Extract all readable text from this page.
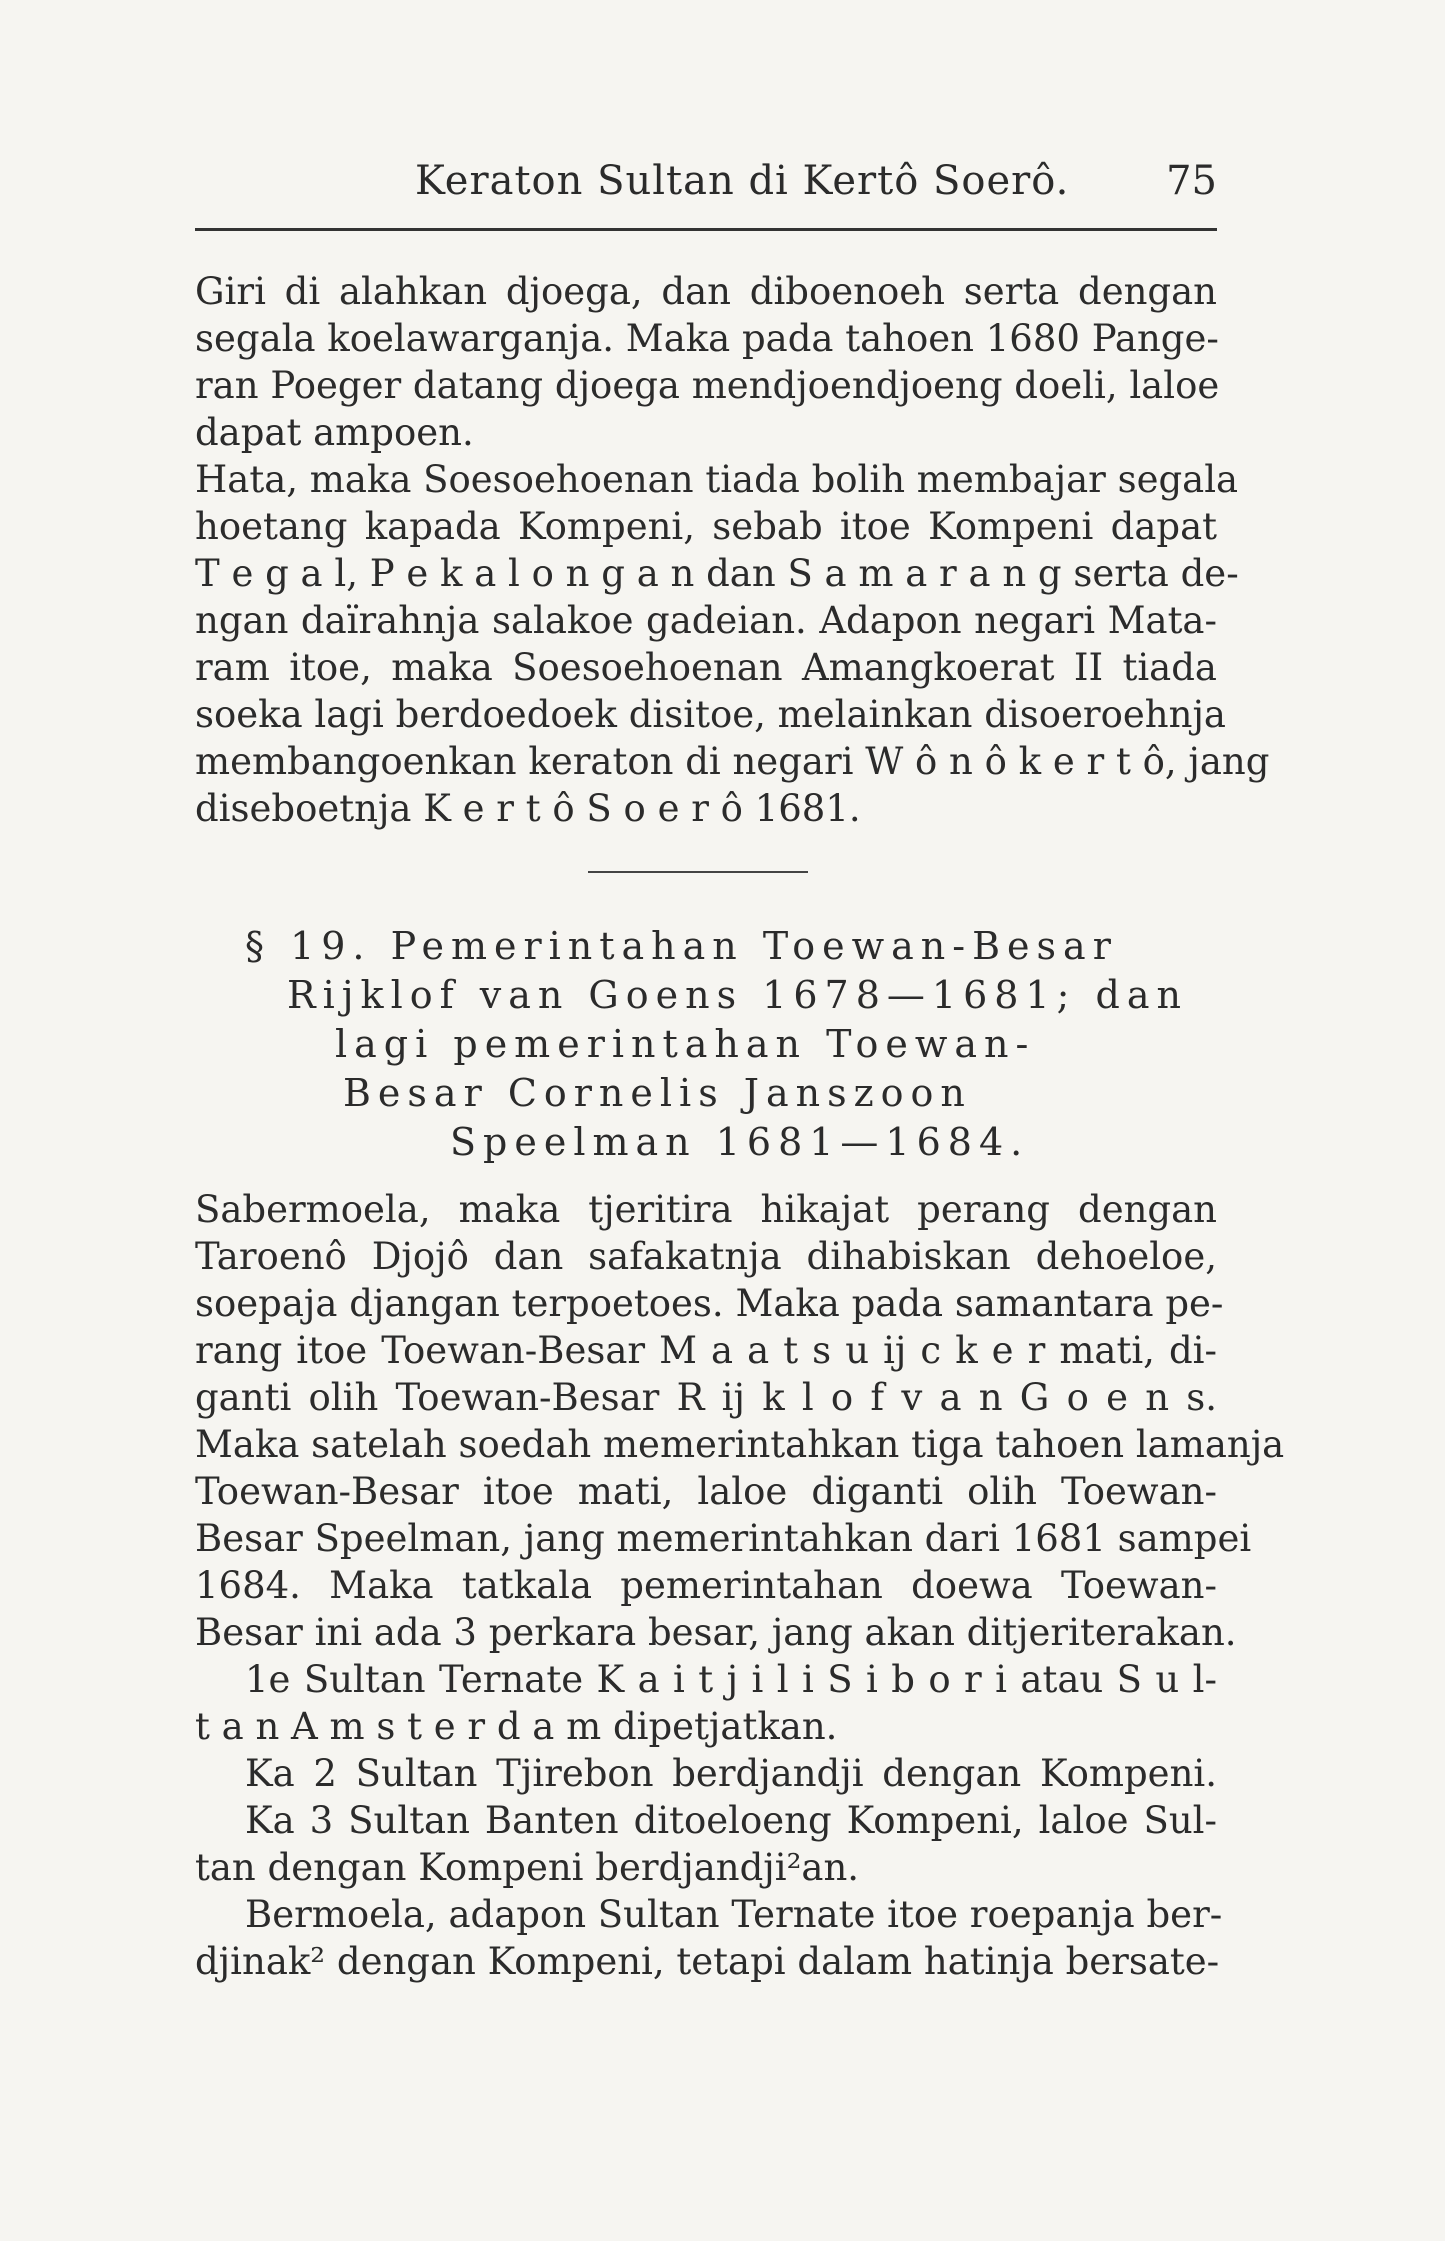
Keraton Sultan di Kertô Soerô. 75
Giri di alahkan djoega, dan diboenoeh serta dengan
segala koelawarganja. Maka pada tahoen 1680 Pange-
ran Poeger datang djoega mendjoendjoeng doeli, laloe
dapat ampoen.
Hata, maka Soesoehoenan tiada bolih membajar segala
hoetang kapada Kompeni, sebab itoe Kompeni dapat
T e g a l, P e k a l o n g a n dan S a m a r a n g serta de-
ngan daïrahnja salakoe gadeian. Adapon negari Mata-
ram itoe, maka Soesoehoenan Amangkoerat II tiada
soeka lagi berdoedoek disitoe, melainkan disoeroehnja
membangoenkan keraton di negari W ô n ô k e r t ô, jang
diseboetnja K e r t ô S o e r ô 1681.
§ 19. Pemerintahan Toewan-Besar
Rijklof van Goens 1678—1681; dan
lagi pemerintahan Toewan-
Besar Cornelis Janszoon
Speelman 1681—1684.
Sabermoela, maka tjeritira hikajat perang dengan
Taroenô Djojô dan safakatnja dihabiskan dehoeloe,
soepaja djangan terpoetoes. Maka pada samantara pe-
rang itoe Toewan-Besar M a a t s u ij c k e r mati, di-
ganti olih Toewan-Besar R ij k l o f v a n G o e n s.
Maka satelah soedah memerintahkan tiga tahoen lamanja
Toewan-Besar itoe mati, laloe diganti olih Toewan-
Besar Speelman, jang memerintahkan dari 1681 sampei
1684. Maka tatkala pemerintahan doewa Toewan-
Besar ini ada 3 perkara besar, jang akan ditjeriterakan.
1e Sultan Ternate K a i t j i l i S i b o r i atau S u l-
t a n A m s t e r d a m dipetjatkan.
Ka 2 Sultan Tjirebon berdjandji dengan Kompeni.
Ka 3 Sultan Banten ditoeloeng Kompeni, laloe Sul-
tan dengan Kompeni berdjandji²an.
Bermoela, adapon Sultan Ternate itoe roepanja ber-
djinak² dengan Kompeni, tetapi dalam hatinja bersate-
